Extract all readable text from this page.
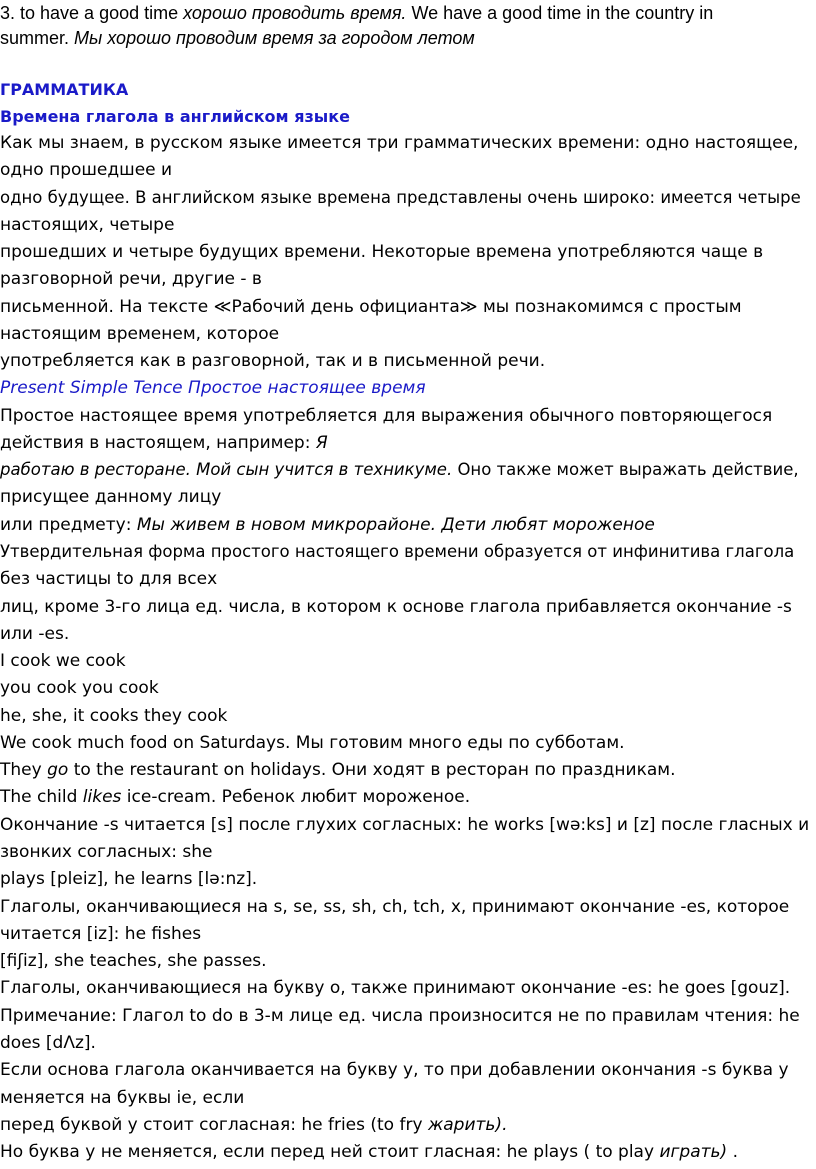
3. to have a good time хорошо проводить время. We have a good time in the country in
summer. Мы хорошо проводим время за городом летом
ГРАММАТИКА
Времена глагола в английском языке
Как мы знаем, в русском языке имеется три грамматических времени: одно настоящее,
одно прошедшее и
одно будущее. В английском языке времена представлены очень широко: имеется четыре
настоящих, четыре
прошедших и четыре будущих времени. Некоторые времена употребляются чаще в
разговорной речи, другие - в
письменной. На тексте ≪Рабочий день официанта≫ мы познакомимся с простым
настоящим временем, которое
употребляется как в разговорной, так и в письменной речи.
Present Simple Tence Простое настоящее время
Простое настоящее время употребляется для выражения обычного повторяющегося
действия в настоящем, например: Я
работаю в ресторане. Мой сын учится в техникуме. Оно также может выражать действие,
присущее данному лицу
или предмету: Мы живем в новом микрорайоне. Дети любят мороженое
Утвердительная форма простого настоящего времени образуется от инфинитива глагола
без частицы to для всех
лиц, кроме 3-го лица ед. числа, в котором к основе глагола прибавляется окончание -s
или -es.
I cook we cook
you cook you cook
he, she, it cooks they cook
We cook much food on Saturdays. Мы готовим много еды по субботам.
They go to the restaurant on holidays. Они ходят в ресторан по праздникам.
The child likes ice-cream. Ребенок любит мороженое.
Окончание -s читается [s] после глухих согласных: he works [wə:ks] и [z] после гласных и
звонких согласных: she
plays [pleiz], he learns [lə:nz].
Глаголы, оканчивающиеся на s, se, ss, sh, ch, tch, x, принимают окончание -es, которое
читается [iz]: he fishes
[fiʃiz], she teaches, she passes.
Глаголы, оканчивающиеся на букву o, также принимают окончание -es: he goes [gouz].
Примечание: Глагол to do в 3-м лице ед. числа произносится не по правилам чтения: he
does [dΛz].
Если основа глагола оканчивается на букву у, то при добавлении окончания -s буква у
меняется на буквы ie, если
перед буквой у стоит согласная: he fries (to fry жарить).
Но буква у не меняется, если перед ней стоит гласная: he plays ( to play играть) .
